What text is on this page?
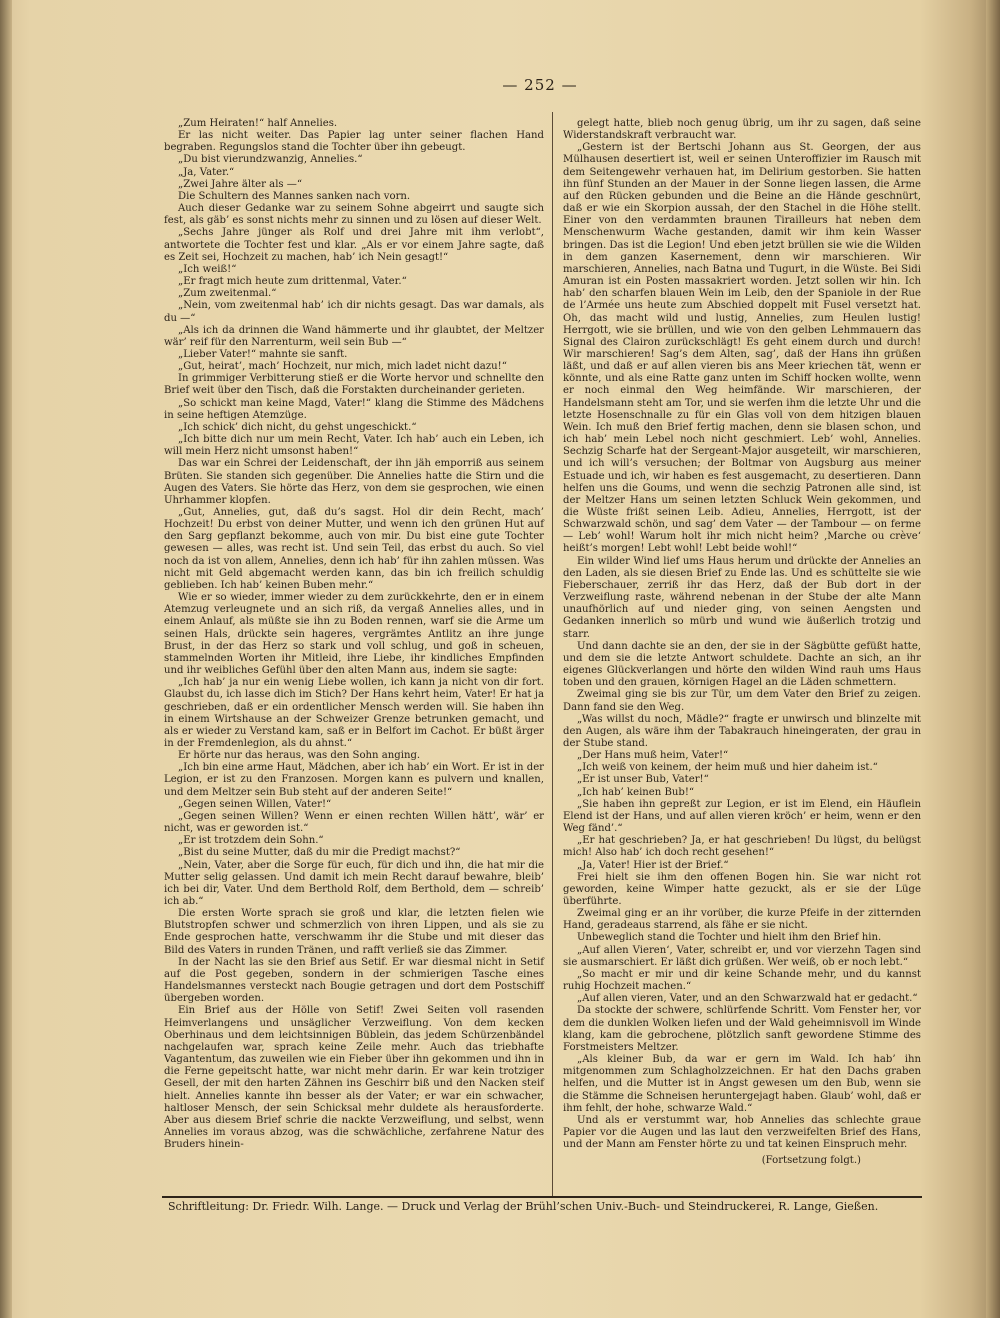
— 252 —

„Zum Heiraten!“ half Annelies.

Er las nicht weiter. Das Papier lag unter seiner flachen Hand begraben. Regungslos stand die Tochter über ihn gebeugt.

„Du bist vierundzwanzig, Annelies.“

„Ja, Vater.“

„Zwei Jahre älter als —“

Die Schultern des Mannes sanken nach vorn.

Auch dieser Gedanke war zu seinem Sohne abgeirrt und saugte sich fest, als gäb’ es sonst nichts mehr zu sinnen und zu lösen auf dieser Welt.

„Sechs Jahre jünger als Rolf und drei Jahre mit ihm verlobt“, antwortete die Tochter fest und klar. „Als er vor einem Jahre sagte, daß es Zeit sei, Hochzeit zu machen, hab’ ich Nein gesagt!“

„Ich weiß!“

„Er fragt mich heute zum drittenmal, Vater.“

„Zum zweitenmal.“

„Nein, vom zweitenmal hab’ ich dir nichts gesagt. Das war damals, als du —“

„Als ich da drinnen die Wand hämmerte und ihr glaubtet, der Meltzer wär’ reif für den Narrenturm, weil sein Bub —“

„Lieber Vater!“ mahnte sie sanft.

„Gut, heirat’, mach’ Hochzeit, nur mich, mich ladet nicht dazu!“

In grimmiger Verbitterung stieß er die Worte hervor und schnellte den Brief weit über den Tisch, daß die Forstakten durcheinander gerieten.

„So schickt man keine Magd, Vater!“ klang die Stimme des Mädchens in seine heftigen Atemzüge.

„Ich schick’ dich nicht, du gehst ungeschickt.“

„Ich bitte dich nur um mein Recht, Vater. Ich hab’ auch ein Leben, ich will mein Herz nicht umsonst haben!“

Das war ein Schrei der Leidenschaft, der ihn jäh emporriß aus seinem Brüten. Sie standen sich gegenüber. Die Annelies hatte die Stirn und die Augen des Vaters. Sie hörte das Herz, von dem sie gesprochen, wie einen Uhrhammer klopfen.

„Gut, Annelies, gut, daß du’s sagst. Hol dir dein Recht, mach’ Hochzeit! Du erbst von deiner Mutter, und wenn ich den grünen Hut auf den Sarg gepflanzt bekomme, auch von mir. Du bist eine gute Tochter gewesen — alles, was recht ist. Und sein Teil, das erbst du auch. So viel noch da ist von allem, Annelies, denn ich hab’ für ihn zahlen müssen. Was nicht mit Geld abgemacht werden kann, das bin ich freilich schuldig geblieben. Ich hab’ keinen Buben mehr.“

Wie er so wieder, immer wieder zu dem zurückkehrte, den er in einem Atemzug verleugnete und an sich riß, da vergaß Annelies alles, und in einem Anlauf, als müßte sie ihn zu Boden rennen, warf sie die Arme um seinen Hals, drückte sein hageres, vergrämtes Antlitz an ihre junge Brust, in der das Herz so stark und voll schlug, und goß in scheuen, stammelnden Worten ihr Mitleid, ihre Liebe, ihr kindliches Empfinden und ihr weibliches Gefühl über den alten Mann aus, indem sie sagte:

„Ich hab’ ja nur ein wenig Liebe wollen, ich kann ja nicht von dir fort. Glaubst du, ich lasse dich im Stich? Der Hans kehrt heim, Vater! Er hat ja geschrieben, daß er ein ordentlicher Mensch werden will. Sie haben ihn in einem Wirtshause an der Schweizer Grenze betrunken gemacht, und als er wieder zu Verstand kam, saß er in Belfort im Cachot. Er büßt ärger in der Fremdenlegion, als du ahnst.“

Er hörte nur das heraus, was den Sohn anging.

„Ich bin eine arme Haut, Mädchen, aber ich hab’ ein Wort. Er ist in der Legion, er ist zu den Franzosen. Morgen kann es pulvern und knallen, und dem Meltzer sein Bub steht auf der anderen Seite!“

„Gegen seinen Willen, Vater!“

„Gegen seinen Willen? Wenn er einen rechten Willen hätt’, wär’ er nicht, was er geworden ist.“

„Er ist trotzdem dein Sohn.“

„Bist du seine Mutter, daß du mir die Predigt machst?“

„Nein, Vater, aber die Sorge für euch, für dich und ihn, die hat mir die Mutter selig gelassen. Und damit ich mein Recht darauf bewahre, bleib’ ich bei dir, Vater. Und dem Berthold Rolf, dem Berthold, dem — schreib’ ich ab.“

Die ersten Worte sprach sie groß und klar, die letzten fielen wie Blutstropfen schwer und schmerzlich von ihren Lippen, und als sie zu Ende gesprochen hatte, verschwamm ihr die Stube und mit dieser das Bild des Vaters in runden Tränen, und rafft verließ sie das Zimmer.

In der Nacht las sie den Brief aus Setif. Er war diesmal nicht in Setif auf die Post gegeben, sondern in der schmierigen Tasche eines Handelsmannes versteckt nach Bougie getragen und dort dem Postschiff übergeben worden.

Ein Brief aus der Hölle von Setif! Zwei Seiten voll rasenden Heimverlangens und unsäglicher Verzweiflung. Von dem kecken Oberhinaus und dem leichtsinnigen Büblein, das jedem Schürzenbändel nachgelaufen war, sprach keine Zeile mehr. Auch das triebhafte Vagantentum, das zuweilen wie ein Fieber über ihn gekommen und ihn in die Ferne gepeitscht hatte, war nicht mehr darin. Er war kein trotziger Gesell, der mit den harten Zähnen ins Geschirr biß und den Nacken steif hielt. Annelies kannte ihn besser als der Vater; er war ein schwacher, haltloser Mensch, der sein Schicksal mehr duldete als herausforderte. Aber aus diesem Brief schrie die nackte Verzweiflung, und selbst, wenn Annelies im voraus abzog, was die schwächliche, zerfahrene Natur des Bruders hinein-

gelegt hatte, blieb noch genug übrig, um ihr zu sagen, daß seine Widerstandskraft verbraucht war.

„Gestern ist der Bertschi Johann aus St. Georgen, der aus Mülhausen desertiert ist, weil er seinen Unteroffizier im Rausch mit dem Seitengewehr verhauen hat, im Delirium gestorben. Sie hatten ihn fünf Stunden an der Mauer in der Sonne liegen lassen, die Arme auf den Rücken gebunden und die Beine an die Hände geschnürt, daß er wie ein Skorpion aussah, der den Stachel in die Höhe stellt. Einer von den verdammten braunen Tirailleurs hat neben dem Menschenwurm Wache gestanden, damit wir ihm kein Wasser bringen. Das ist die Legion! Und eben jetzt brüllen sie wie die Wilden in dem ganzen Kasernement, denn wir marschieren. Wir marschieren, Annelies, nach Batna und Tugurt, in die Wüste. Bei Sidi Amuran ist ein Posten massakriert worden. Jetzt sollen wir hin. Ich hab’ den scharfen blauen Wein im Leib, den der Spaniole in der Rue de l’Armée uns heute zum Abschied doppelt mit Fusel versetzt hat. Oh, das macht wild und lustig, Annelies, zum Heulen lustig! Herrgott, wie sie brüllen, und wie von den gelben Lehmmauern das Signal des Clairon zurückschlägt! Es geht einem durch und durch! Wir marschieren! Sag’s dem Alten, sag’, daß der Hans ihn grüßen läßt, und daß er auf allen vieren bis ans Meer kriechen tät, wenn er könnte, und als eine Ratte ganz unten im Schiff hocken wollte, wenn er noch einmal den Weg heimfände. Wir marschieren, der Handelsmann steht am Tor, und sie werfen ihm die letzte Uhr und die letzte Hosenschnalle zu für ein Glas voll von dem hitzigen blauen Wein. Ich muß den Brief fertig machen, denn sie blasen schon, und ich hab’ mein Lebel noch nicht geschmiert. Leb’ wohl, Annelies. Sechzig Scharfe hat der Sergeant-Major ausgeteilt, wir marschieren, und ich will’s versuchen; der Boltmar von Augsburg aus meiner Estuade und ich, wir haben es fest ausgemacht, zu desertieren. Dann helfen uns die Goums, und wenn die sechzig Patronen alle sind, ist der Meltzer Hans um seinen letzten Schluck Wein gekommen, und die Wüste frißt seinen Leib. Adieu, Annelies, Herrgott, ist der Schwarzwald schön, und sag’ dem Vater — der Tambour — on ferme — Leb’ wohl! Warum holt ihr mich nicht heim? ‚Marche ou crève‘ heißt’s morgen! Lebt wohl! Lebt beide wohl!“

Ein wilder Wind lief ums Haus herum und drückte der Annelies an den Laden, als sie diesen Brief zu Ende las. Und es schüttelte sie wie Fieberschauer, zerriß ihr das Herz, daß der Bub dort in der Verzweiflung raste, während nebenan in der Stube der alte Mann unaufhörlich auf und nieder ging, von seinen Aengsten und Gedanken innerlich so mürb und wund wie äußerlich trotzig und starr.

Und dann dachte sie an den, der sie in der Sägbütte gefüßt hatte, und dem sie die letzte Antwort schuldete. Dachte an sich, an ihr eigenes Glückverlangen und hörte den wilden Wind rauh ums Haus toben und den grauen, körnigen Hagel an die Läden schmettern.

Zweimal ging sie bis zur Tür, um dem Vater den Brief zu zeigen. Dann fand sie den Weg.

„Was willst du noch, Mädle?“ fragte er unwirsch und blinzelte mit den Augen, als wäre ihm der Tabakrauch hineingeraten, der grau in der Stube stand.

„Der Hans muß heim, Vater!“

„Ich weiß von keinem, der heim muß und hier daheim ist.“

„Er ist unser Bub, Vater!“

„Ich hab’ keinen Bub!“

„Sie haben ihn gepreßt zur Legion, er ist im Elend, ein Häuflein Elend ist der Hans, und auf allen vieren kröch’ er heim, wenn er den Weg fänd’.“

„Er hat geschrieben? Ja, er hat geschrieben! Du lügst, du belügst mich! Also hab’ ich doch recht gesehen!“

„Ja, Vater! Hier ist der Brief.“

Frei hielt sie ihm den offenen Bogen hin. Sie war nicht rot geworden, keine Wimper hatte gezuckt, als er sie der Lüge überführte.

Zweimal ging er an ihr vorüber, die kurze Pfeife in der zitternden Hand, geradeaus starrend, als fähe er sie nicht.

Unbeweglich stand die Tochter und hielt ihm den Brief hin.

„Auf allen Vieren‘, Vater, schreibt er, und vor vierzehn Tagen sind sie ausmarschiert. Er läßt dich grüßen. Wer weiß, ob er noch lebt.“

„So macht er mir und dir keine Schande mehr, und du kannst ruhig Hochzeit machen.“

„Auf allen vieren, Vater, und an den Schwarzwald hat er gedacht.“

Da stockte der schwere, schlürfende Schritt. Vom Fenster her, vor dem die dunklen Wolken liefen und der Wald geheimnisvoll im Winde klang, kam die gebrochene, plötzlich sanft gewordene Stimme des Forstmeisters Meltzer.

„Als kleiner Bub, da war er gern im Wald. Ich hab’ ihn mitgenommen zum Schlagholzzeichnen. Er hat den Dachs graben helfen, und die Mutter ist in Angst gewesen um den Bub, wenn sie die Stämme die Schneisen heruntergejagt haben. Glaub’ wohl, daß er ihm fehlt, der hohe, schwarze Wald.“

Und als er verstummt war, hob Annelies das schlechte graue Papier vor die Augen und las laut den verzweifelten Brief des Hans, und der Mann am Fenster hörte zu und tat keinen Einspruch mehr.

(Fortsetzung folgt.)

Schriftleitung: Dr. Friedr. Wilh. Lange. — Druck und Verlag der Brühl’schen Univ.-Buch- und Steindruckerei, R. Lange, Gießen.
